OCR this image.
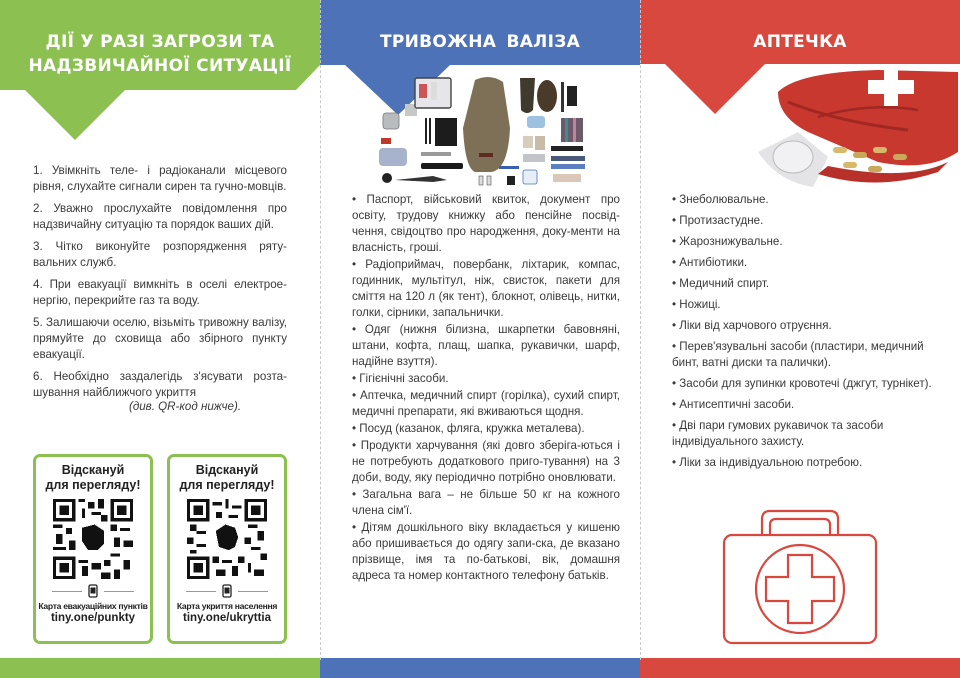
ДІЇ У РАЗІ ЗАГРОЗИ ТА
НАДЗВИЧАЙНОЇ СИТУАЦІЇ

1. Увімкніть теле- і радіоканали місцевого рівня, слухайте сигнали сирен та гучно-мовців.

2. Уважно прослухайте повідомлення про надзвичайну ситуацію та порядок ваших дій.

3. Чітко виконуйте розпорядження ряту-вальних служб.

4. При евакуації вимкніть в оселі електрое-нергію, перекрийте газ та воду.

5. Залишаючи оселю, візьміть тривожну валізу, прямуйте до сховища або збірного пункту евакуації.

6. Необхідно заздалегідь з'ясувати розта-шування найближчого укриття

(див. QR-код нижче).

Відскануй
для перегляду!
Карта евакуаційних пунктів
tiny.one/punkty
Відскануй
для перегляду!
Карта укриття населення
tiny.one/ukryttia
ТРИВОЖНА ВАЛІЗА

• Паспорт, військовий квиток, документ про освіту, трудову книжку або пенсійне посвід-чення, свідоцтво про народження, доку-менти на власність, гроші.

• Радіоприймач, повербанк, ліхтарик, компас, годинник, мультітул, ніж, свисток, пакети для сміття на 120 л (як тент), блокнот, олівець, нитки, голки, сірники, запальнички.

• Одяг (нижня білизна, шкарпетки бавовняні, штани, кофта, плащ, шапка, рукавички, шарф, надійне взуття).

• Гігієнічні засоби.

• Аптечка, медичний спирт (горілка), сухий спирт, медичні препарати, які вживаються щодня.

• Посуд (казанок, фляга, кружка металева).

• Продукти харчування (які довго зберіга-ються і не потребують додаткового приго-тування) на 3 доби, воду, яку періодично потрібно оновлювати.

• Загальна вага – не більше 50 кг на кожного члена сім'ї.

• Дітям дошкільного віку вкладається у кишеню або пришивається до одягу запи-ска, де вказано прізвище, імя та по-батькові, вік, домашня адреса та номер контактного телефону батьків.

АПТЕЧКА

• Знеболювальне.

• Протизастудне.

• Жарознижувальне.

• Антибіотики.

• Медичний спирт.

• Ножиці.

• Ліки від харчового отруєння.

• Перев'язувальні засоби (пластири, медичний бинт, ватні диски та палички).

• Засоби для зупинки кровотечі (джгут, турнікет).

• Антисептичні засоби.

• Дві пари гумових рукавичок та засоби індивідуального захисту.

• Ліки за індивідуальною потребою.
